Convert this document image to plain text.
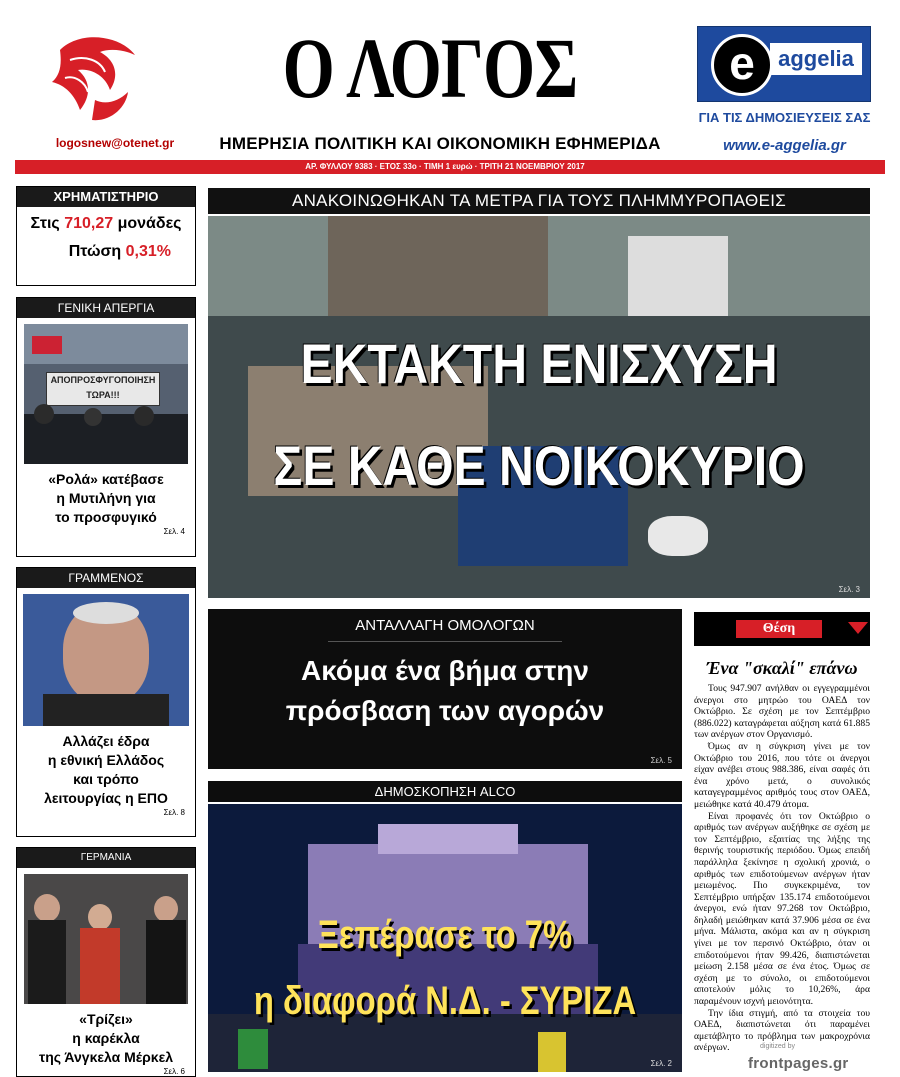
logosnew@otenet.gr
Ο ΛΟΓΟΣ
ΗΜΕΡΗΣΙΑ ΠΟΛΙΤΙΚΗ ΚΑΙ ΟΙΚΟΝΟΜΙΚΗ ΕΦΗΜΕΡΙΔΑ
e	aggelia
ΓΙΑ ΤΙΣ ΔΗΜΟΣΙΕΥΣΕΙΣ ΣΑΣ
www.e-aggelia.gr
ΑΡ. ΦΥΛΛΟΥ 9383 · ΕΤΟΣ 33ο · ΤΙΜΗ 1 ευρώ · ΤΡΙΤΗ 21 ΝΟΕΜΒΡΙΟΥ 2017
ΧΡΗΜΑΤΙΣΤΗΡΙΟ
Στις 710,27 μονάδες
Πτώση 0,31%
ΓΕΝΙΚΗ ΑΠΕΡΓΙΑ
ΑΠΟΠΡΟΣΦΥΓΟΠΟΙΗΣΗ ΤΩΡΑ!!!
«Ρολά» κατέβασε
η Μυτιλήνη για
το προσφυγικό
Σελ. 4
ΓΡΑΜΜΕΝΟΣ
Αλλάζει έδρα
η εθνική Ελλάδος
και τρόπο
λειτουργίας η ΕΠΟ
Σελ. 8
ΓΕΡΜΑΝΙΑ
«Τρίζει»
η καρέκλα
της Άνγκελα Μέρκελ
Σελ. 6
ΑΝΑΚΟΙΝΩΘΗΚΑΝ ΤΑ ΜΕΤΡΑ ΓΙΑ ΤΟΥΣ ΠΛΗΜΜΥΡΟΠΑΘΕΙΣ
ΕΚΤΑΚΤΗ ΕΝΙΣΧΥΣΗ
ΣΕ ΚΑΘΕ ΝΟΙΚΟΚΥΡΙΟ
Σελ. 3
ΑΝΤΑΛΛΑΓΗ ΟΜΟΛΟΓΩΝ
Ακόμα ένα βήμα στην
πρόσβαση των αγορών
Σελ. 5
ΔΗΜΟΣΚΟΠΗΣΗ ALCO
Ξεπέρασε το 7%
η διαφορά Ν.Δ. - ΣΥΡΙΖΑ
Σελ. 2
Θέση
Ένα "σκαλί" επάνω

Τους 947.907 ανήλθαν οι εγγεγραμμένοι άνεργοι στο μητρώο του ΟΑΕΔ τον Οκτώβριο. Σε σχέση με τον Σεπτέμβριο (886.022) καταγράφεται αύξηση κατά 61.885 των ανέργων στον Οργανισμό.

Όμως αν η σύγκριση γίνει με τον Οκτώβριο του 2016, που τότε οι άνεργοι είχαν ανέβει στους 988.386, είναι σαφές ότι ένα χρόνο μετά, ο συνολικός καταγεγραμμένος αριθμός τους στον ΟΑΕΔ, μειώθηκε κατά 40.479 άτομα.

Είναι προφανές ότι τον Οκτώβριο ο αριθμός των ανέργων αυξήθηκε σε σχέση με τον Σεπτέμβριο, εξαιτίας της λήξης της θερινής τουριστικής περιόδου. Όμως επειδή παράλληλα ξεκίνησε η σχολική χρονιά, ο αριθμός των επιδοτούμενων ανέργων ήταν μειωμένος. Πιο συγκεκριμένα, τον Σεπτέμβριο υπήρξαν 135.174 επιδοτούμενοι άνεργοι, ενώ ήταν 97.268 τον Οκτώβριο, δηλαδή μειώθηκαν κατά 37.906 μέσα σε ένα μήνα. Μάλιστα, ακόμα και αν η σύγκριση γίνει με τον περσινό Οκτώβριο, όταν οι επιδοτούμενοι ήταν 99.426, διαπιστώνεται μείωση 2.158 μέσα σε ένα έτος. Όμως σε σχέση με το σύνολο, οι επιδοτούμενοι αποτελούν μόλις το 10,26%, άρα παραμένουν ισχνή μειονότητα.

Την ίδια στιγμή, από τα στοιχεία του ΟΑΕΔ, διαπιστώνεται ότι παραμένει αμετάβλητο το πρόβλημα των μακροχρόνια ανέργων.	digitized by
frontpages.gr
